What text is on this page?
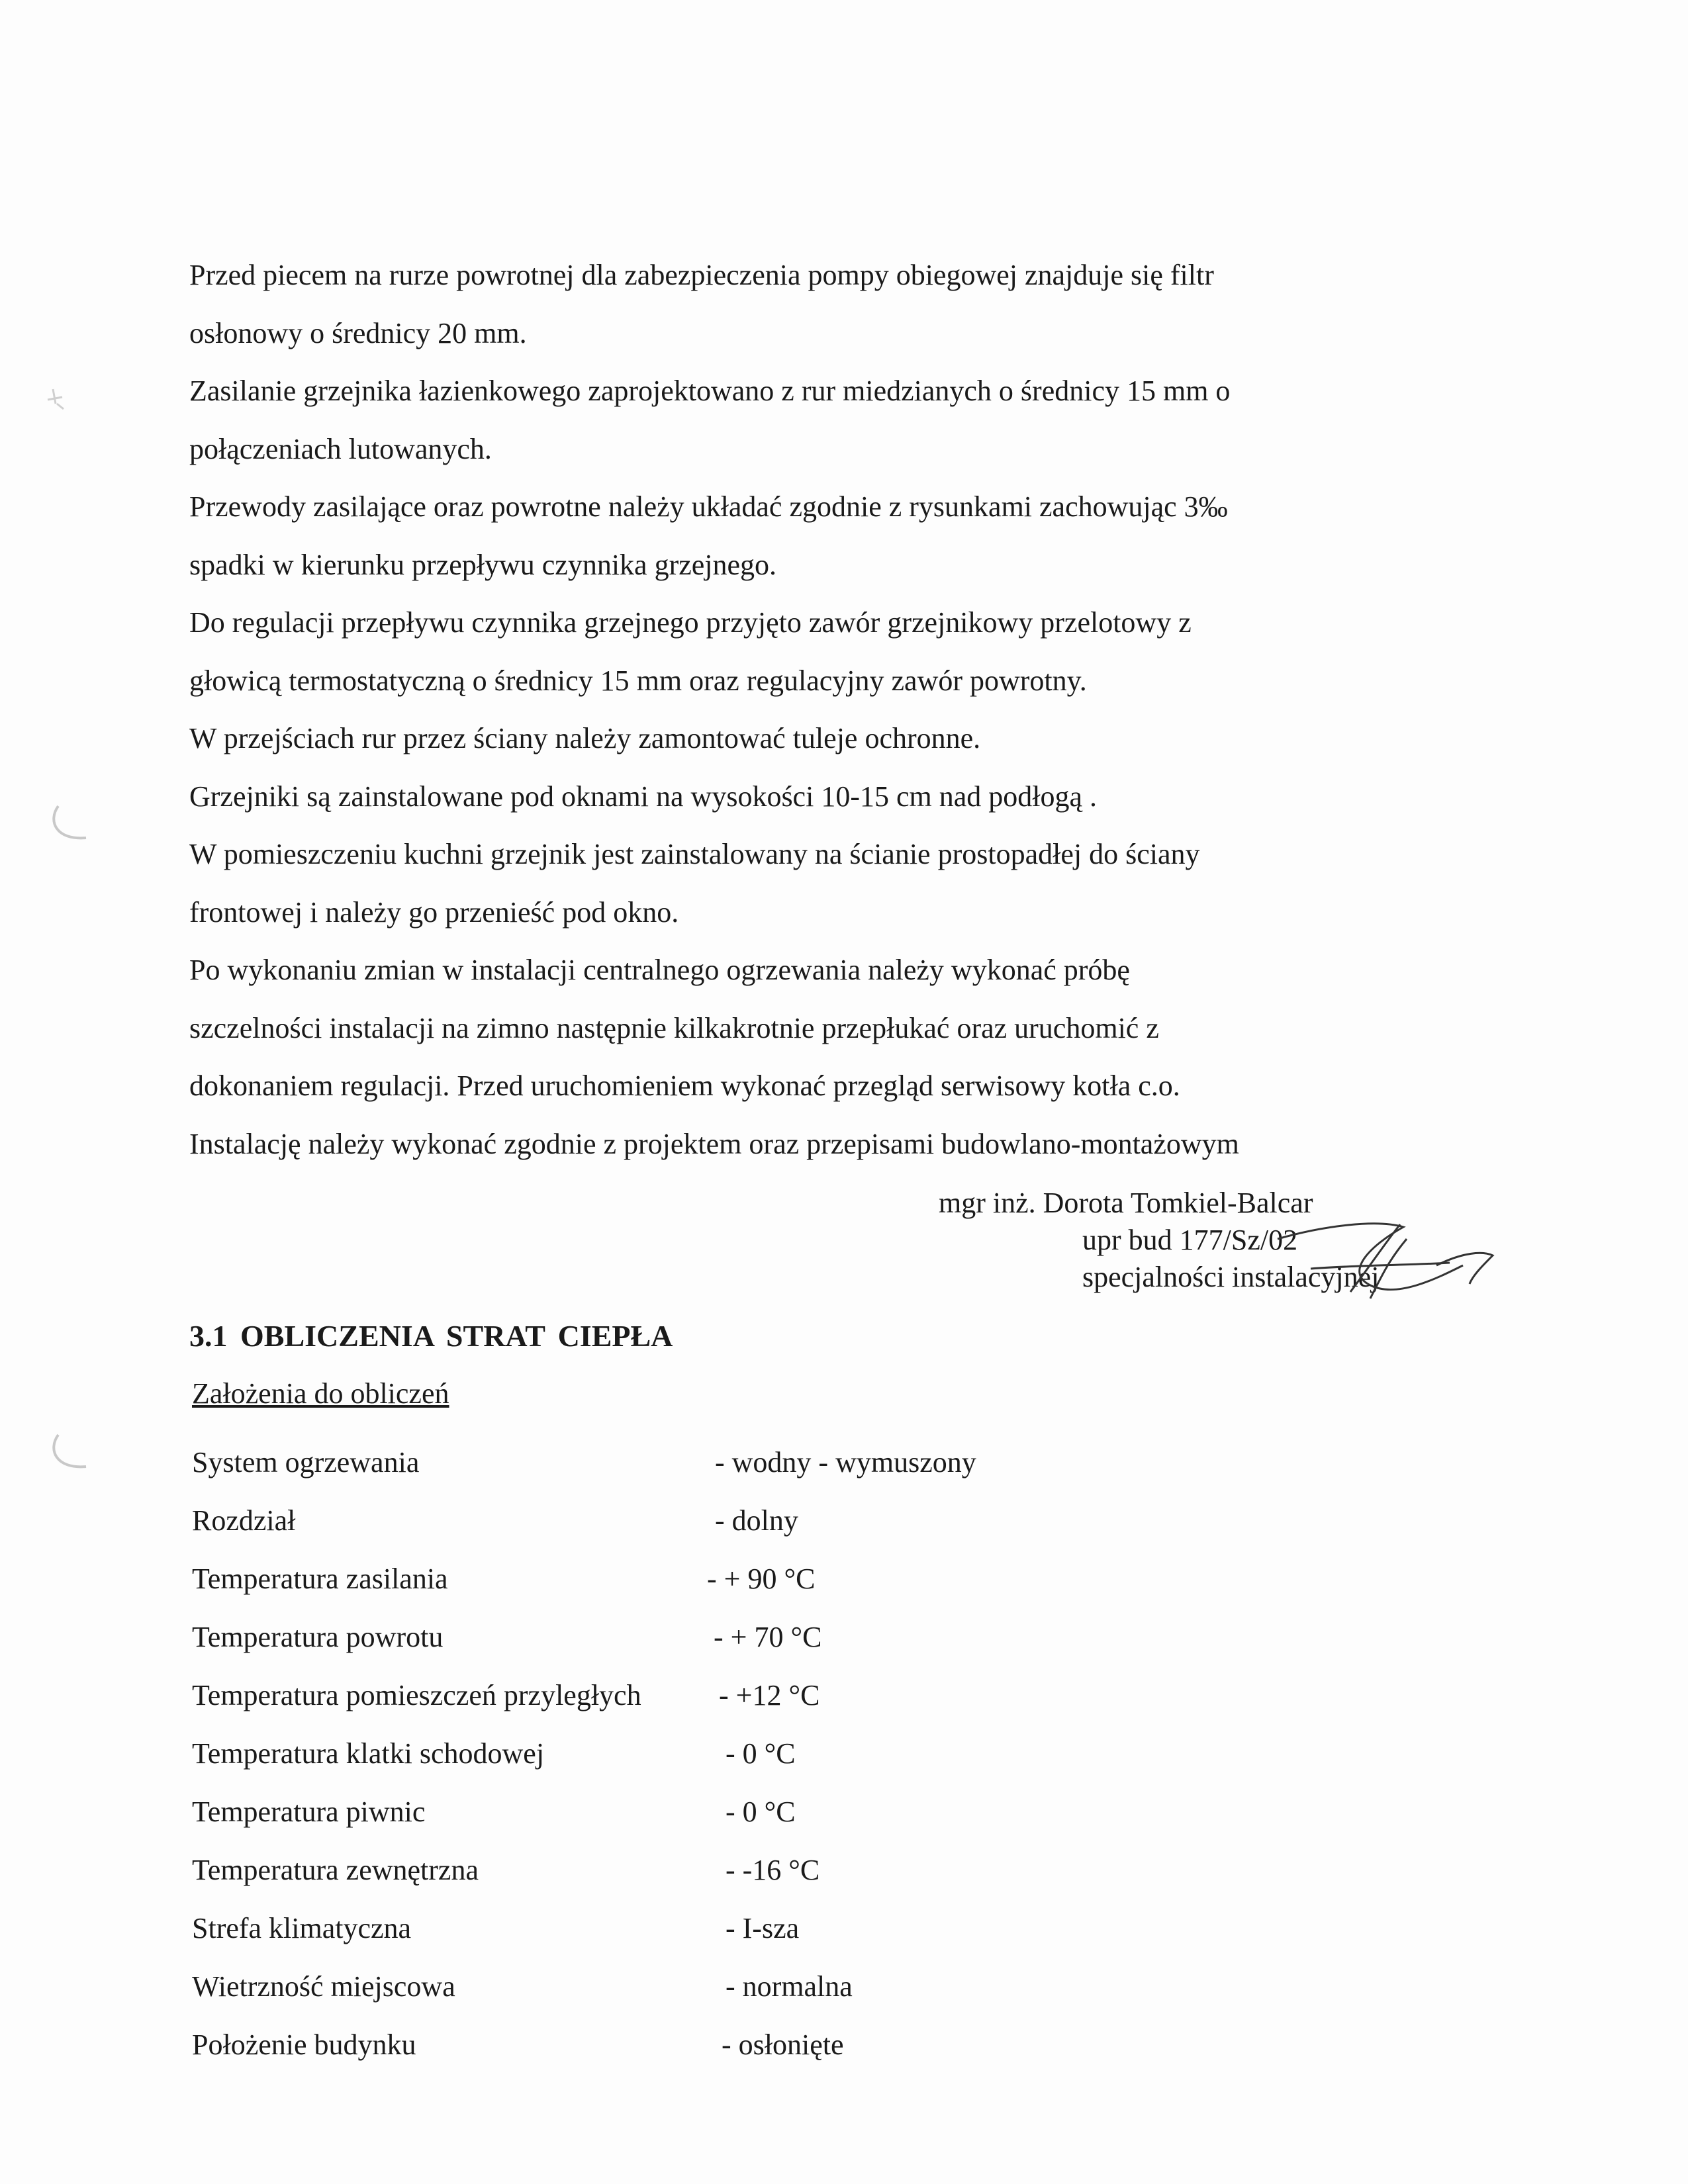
Przed piecem na rurze powrotnej dla zabezpieczenia pompy obiegowej znajduje się filtr
osłonowy o średnicy 20 mm.
Zasilanie grzejnika łazienkowego zaprojektowano z rur miedzianych o średnicy 15 mm o
połączeniach lutowanych.
Przewody zasilające oraz powrotne należy układać zgodnie z rysunkami zachowując 3‰
spadki w kierunku przepływu czynnika grzejnego.
Do regulacji przepływu czynnika grzejnego przyjęto zawór grzejnikowy przelotowy z
głowicą termostatyczną o średnicy 15 mm oraz regulacyjny zawór powrotny.
W przejściach rur przez ściany należy zamontować tuleje ochronne.
Grzejniki są zainstalowane pod oknami na wysokości 10-15 cm nad podłogą .
W pomieszczeniu kuchni grzejnik jest zainstalowany na ścianie prostopadłej do ściany
frontowej i należy go przenieść pod okno.
Po wykonaniu zmian w instalacji centralnego ogrzewania należy wykonać próbę
szczelności instalacji na zimno następnie kilkakrotnie przepłukać oraz uruchomić z
dokonaniem regulacji. Przed uruchomieniem wykonać przegląd serwisowy kotła c.o.
Instalację należy wykonać zgodnie z projektem oraz przepisami budowlano-montażowym
mgr inż. Dorota Tomkiel-Balcar
upr bud 177/Sz/02
specjalności instalacyjnej
3.1 OBLICZENIA STRAT CIEPŁA
Założenia do obliczeń
System ogrzewania	- wodny - wymuszony
Rozdział	- dolny
Temperatura zasilania	- + 90 °C
Temperatura powrotu	- + 70 °C
Temperatura pomieszczeń przyległych	- +12 °C
Temperatura klatki schodowej	- 0 °C
Temperatura piwnic	- 0 °C
Temperatura zewnętrzna	- -16 °C
Strefa klimatyczna	- I-sza
Wietrzność miejscowa	- normalna
Położenie budynku	- osłonięte
